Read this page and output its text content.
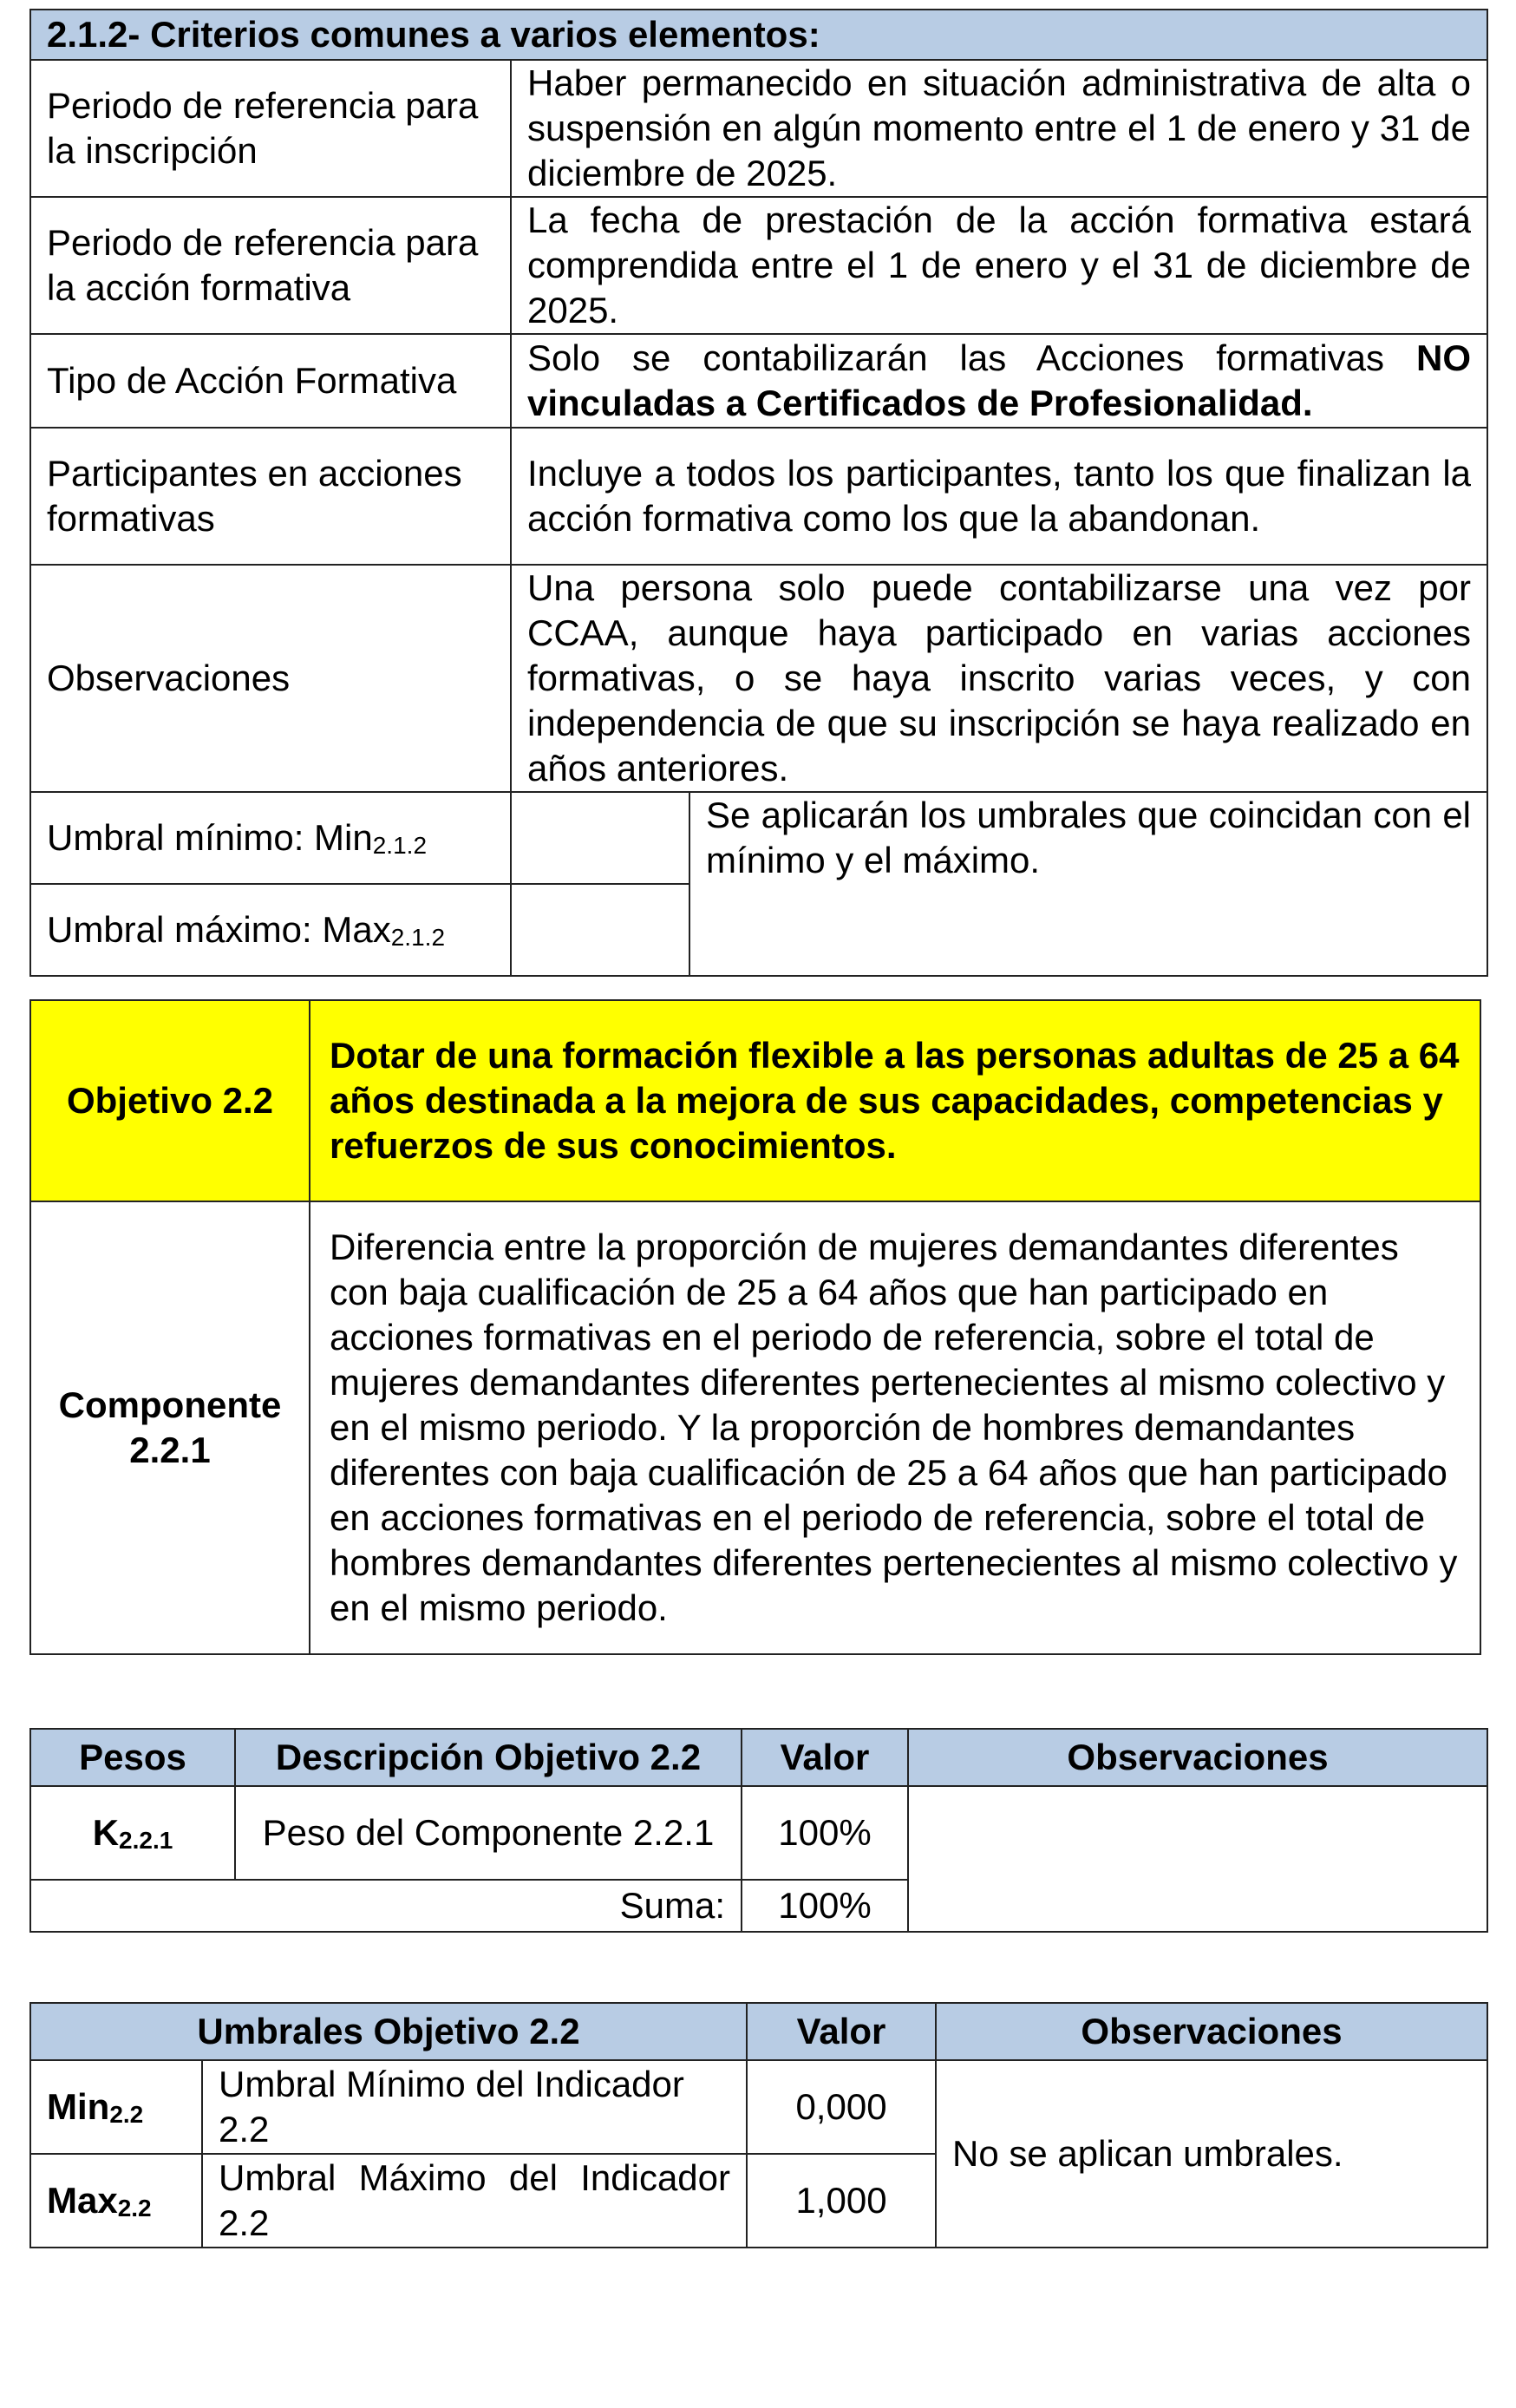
2.1.2- Criterios comunes a varios elementos:		
Periodo de referencia para la inscripción	Haber permanecido en situación administrativa de alta o suspensión en algún momento entre el 1 de enero y 31 de diciembre de 2025.	
Periodo de referencia para la acción formativa	La fecha de prestación de la acción formativa estará comprendida entre el 1 de enero y el 31 de diciembre de 2025.	
Tipo de Acción Formativa	Solo se contabilizarán las Acciones formativas NO vinculadas a Certificados de Profesionalidad.	
Participantes en acciones formativas	Incluye a todos los participantes, tanto los que finalizan la acción formativa como los que la abandonan.	
Observaciones	Una persona solo puede contabilizarse una vez por CCAA, aunque haya participado en varias acciones formativas, o se haya inscrito varias veces, y con independencia de que su inscripción se haya realizado en años anteriores.	
Umbral mínimo: Min$_{2.1.2}$		Se aplicarán los umbrales que coincidan con el mínimo y el máximo.
Umbral máximo: Max$_{2.1.2}$	
Objetivo 2.2	Dotar de una formación flexible a las personas adultas de 25 a 64 años destinada a la mejora de sus capacidades, competencias y refuerzos de sus conocimientos.
Componente 2.2.1	Diferencia entre la proporción de mujeres demandantes diferentes con baja cualificación de 25 a 64 años que han participado en acciones formativas en el periodo de referencia, sobre el total de mujeres demandantes diferentes pertenecientes al mismo colectivo y en el mismo periodo. Y la proporción de hombres demandantes diferentes con baja cualificación de 25 a 64 años que han participado en acciones formativas en el periodo de referencia, sobre el total de hombres demandantes diferentes pertenecientes al mismo colectivo y en el mismo periodo.
Pesos	Descripción Objetivo 2.2	Valor	Observaciones
$K_{2.2.1}$	Peso del Componente 2.2.1	100%	
Suma:		100%	
Umbrales Objetivo 2.2		Valor	Observaciones
Min$_{2.2}$	Umbral Mínimo del Indicador 2.2	0,000	No se aplican umbrales.
Max$_{2.2}$	Umbral Máximo del Indicador 2.2	1,000	
